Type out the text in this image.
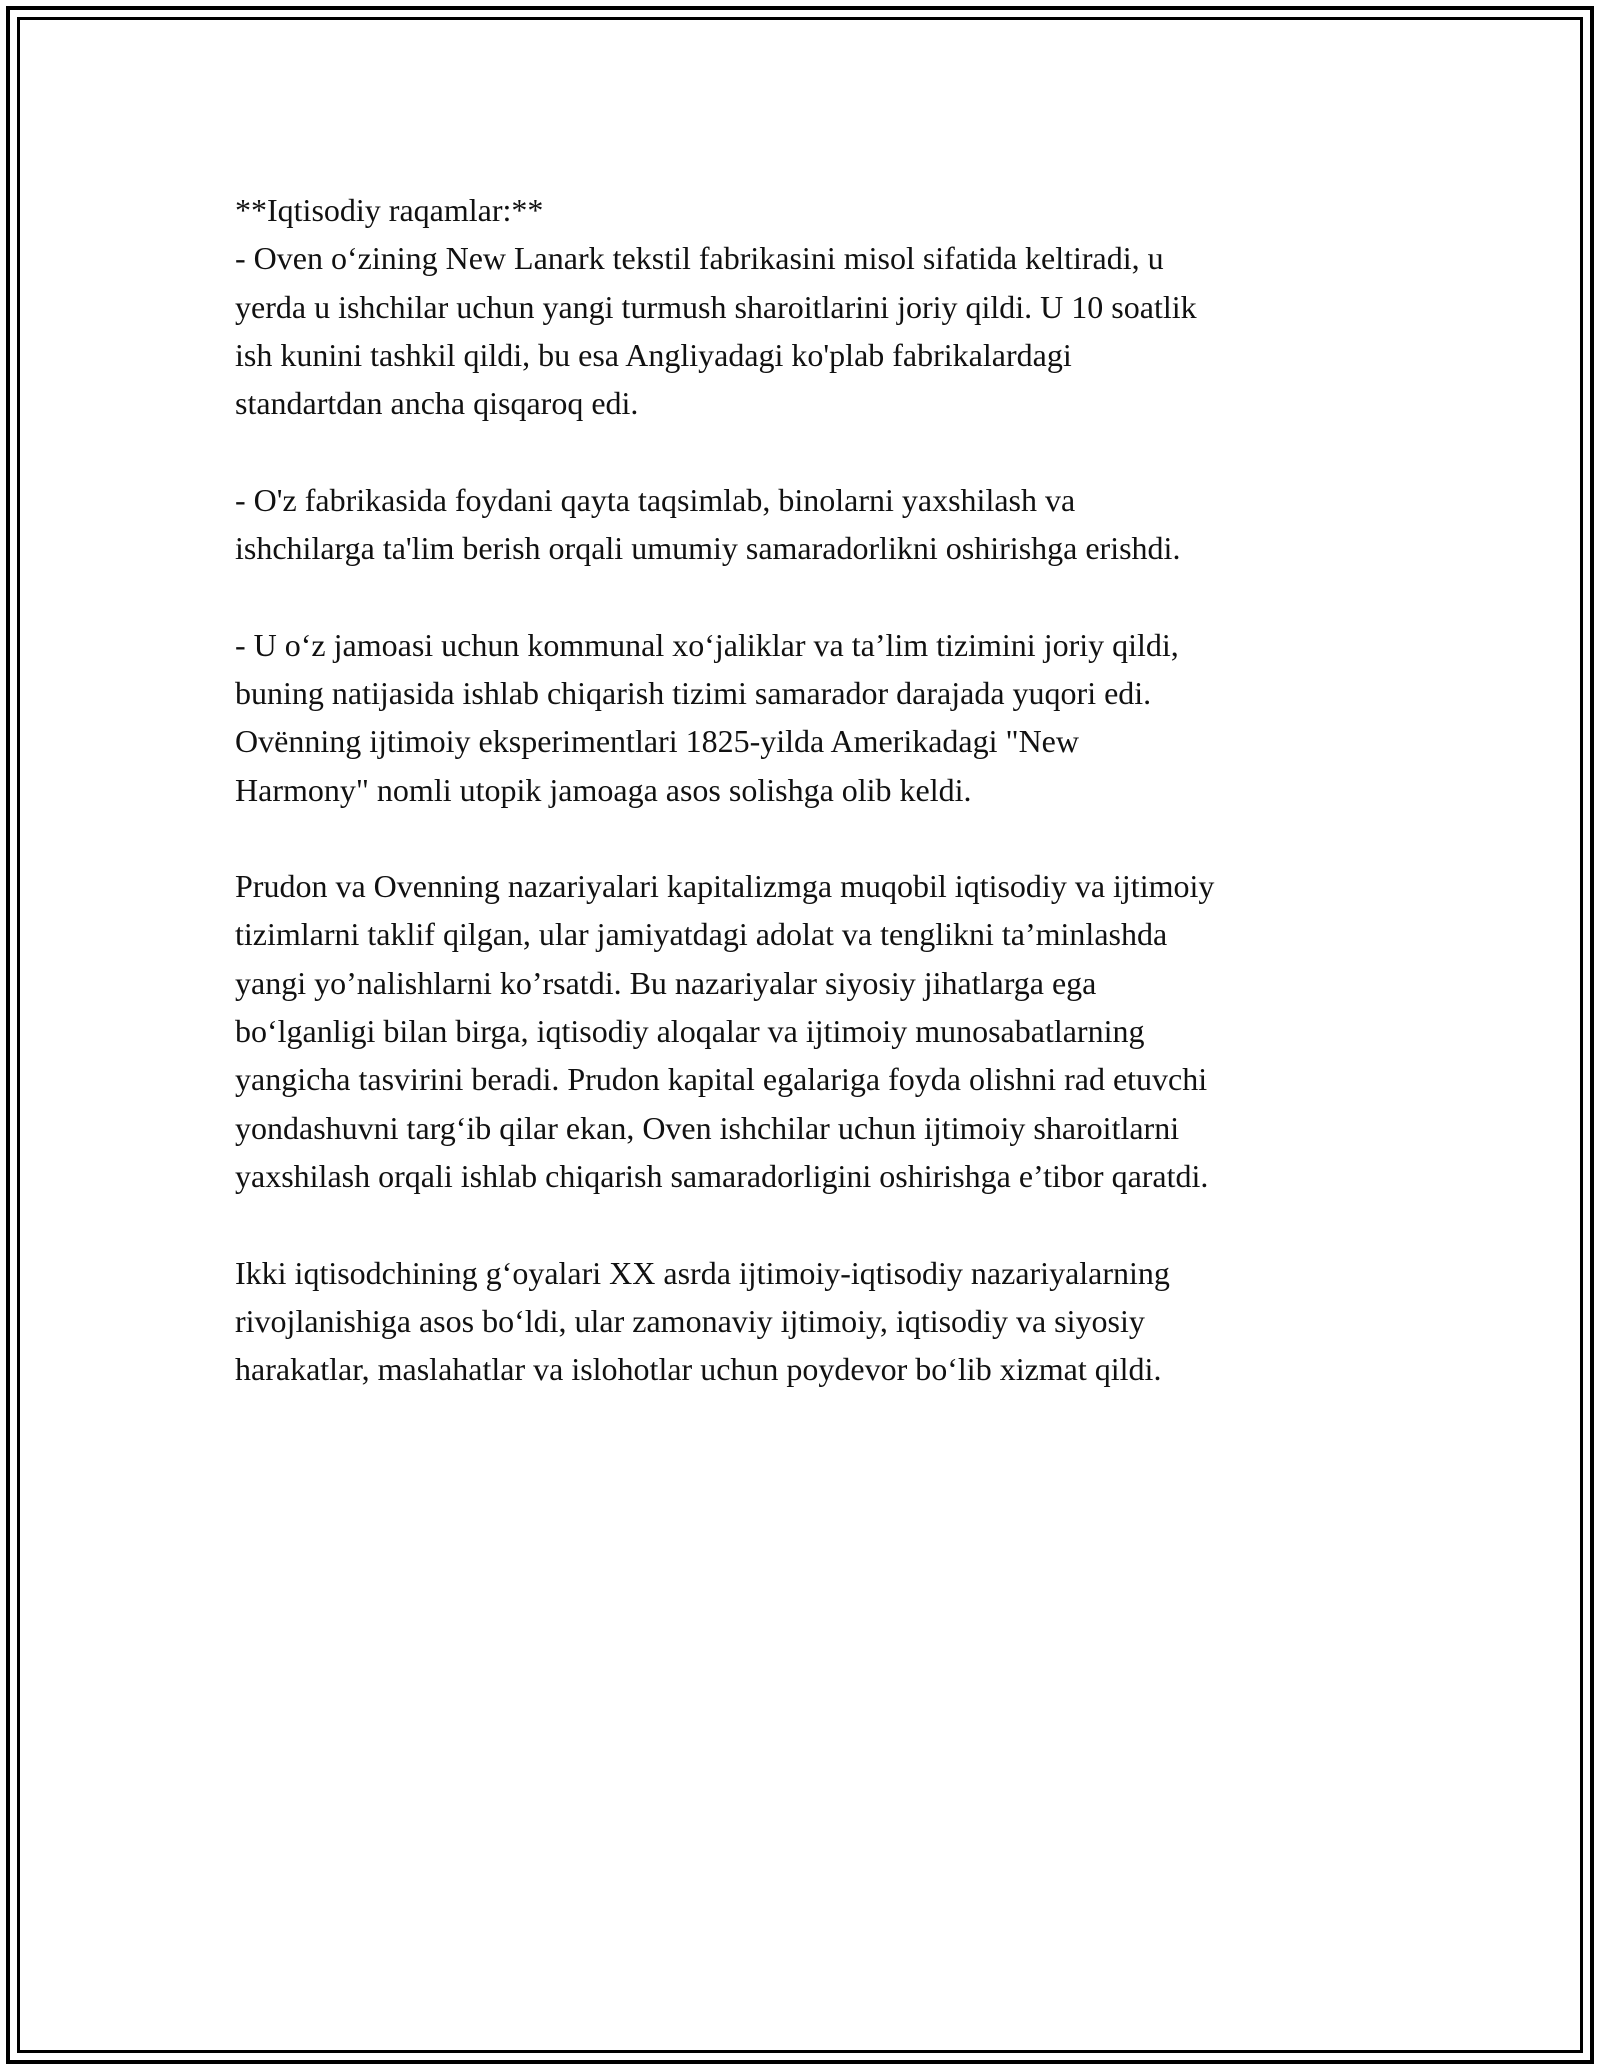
**Iqtisodiy raqamlar:**
- Oven o‘zining New Lanark tekstil fabrikasini misol sifatida keltiradi, u
yerda u ishchilar uchun yangi turmush sharoitlarini joriy qildi. U 10 soatlik
ish kunini tashkil qildi, bu esa Angliyadagi ko'plab fabrikalardagi
standartdan ancha qisqaroq edi.
- O'z fabrikasida foydani qayta taqsimlab, binolarni yaxshilash va
ishchilarga ta'lim berish orqali umumiy samaradorlikni oshirishga erishdi.
- U o‘z jamoasi uchun kommunal xo‘jaliklar va ta’lim tizimini joriy qildi,
buning natijasida ishlab chiqarish tizimi samarador darajada yuqori edi.
Ovënning ijtimoiy eksperimentlari 1825-yilda Amerikadagi "New
Harmony" nomli utopik jamoaga asos solishga olib keldi.
Prudon va Ovenning nazariyalari kapitalizmga muqobil iqtisodiy va ijtimoiy
tizimlarni taklif qilgan, ular jamiyatdagi adolat va tenglikni ta’minlashda
yangi yo’nalishlarni ko’rsatdi. Bu nazariyalar siyosiy jihatlarga ega
bo‘lganligi bilan birga, iqtisodiy aloqalar va ijtimoiy munosabatlarning
yangicha tasvirini beradi. Prudon kapital egalariga foyda olishni rad etuvchi
yondashuvni targ‘ib qilar ekan, Oven ishchilar uchun ijtimoiy sharoitlarni
yaxshilash orqali ishlab chiqarish samaradorligini oshirishga e’tibor qaratdi.
Ikki iqtisodchining g‘oyalari XX asrda ijtimoiy-iqtisodiy nazariyalarning
rivojlanishiga asos bo‘ldi, ular zamonaviy ijtimoiy, iqtisodiy va siyosiy
harakatlar, maslahatlar va islohotlar uchun poydevor bo‘lib xizmat qildi.
